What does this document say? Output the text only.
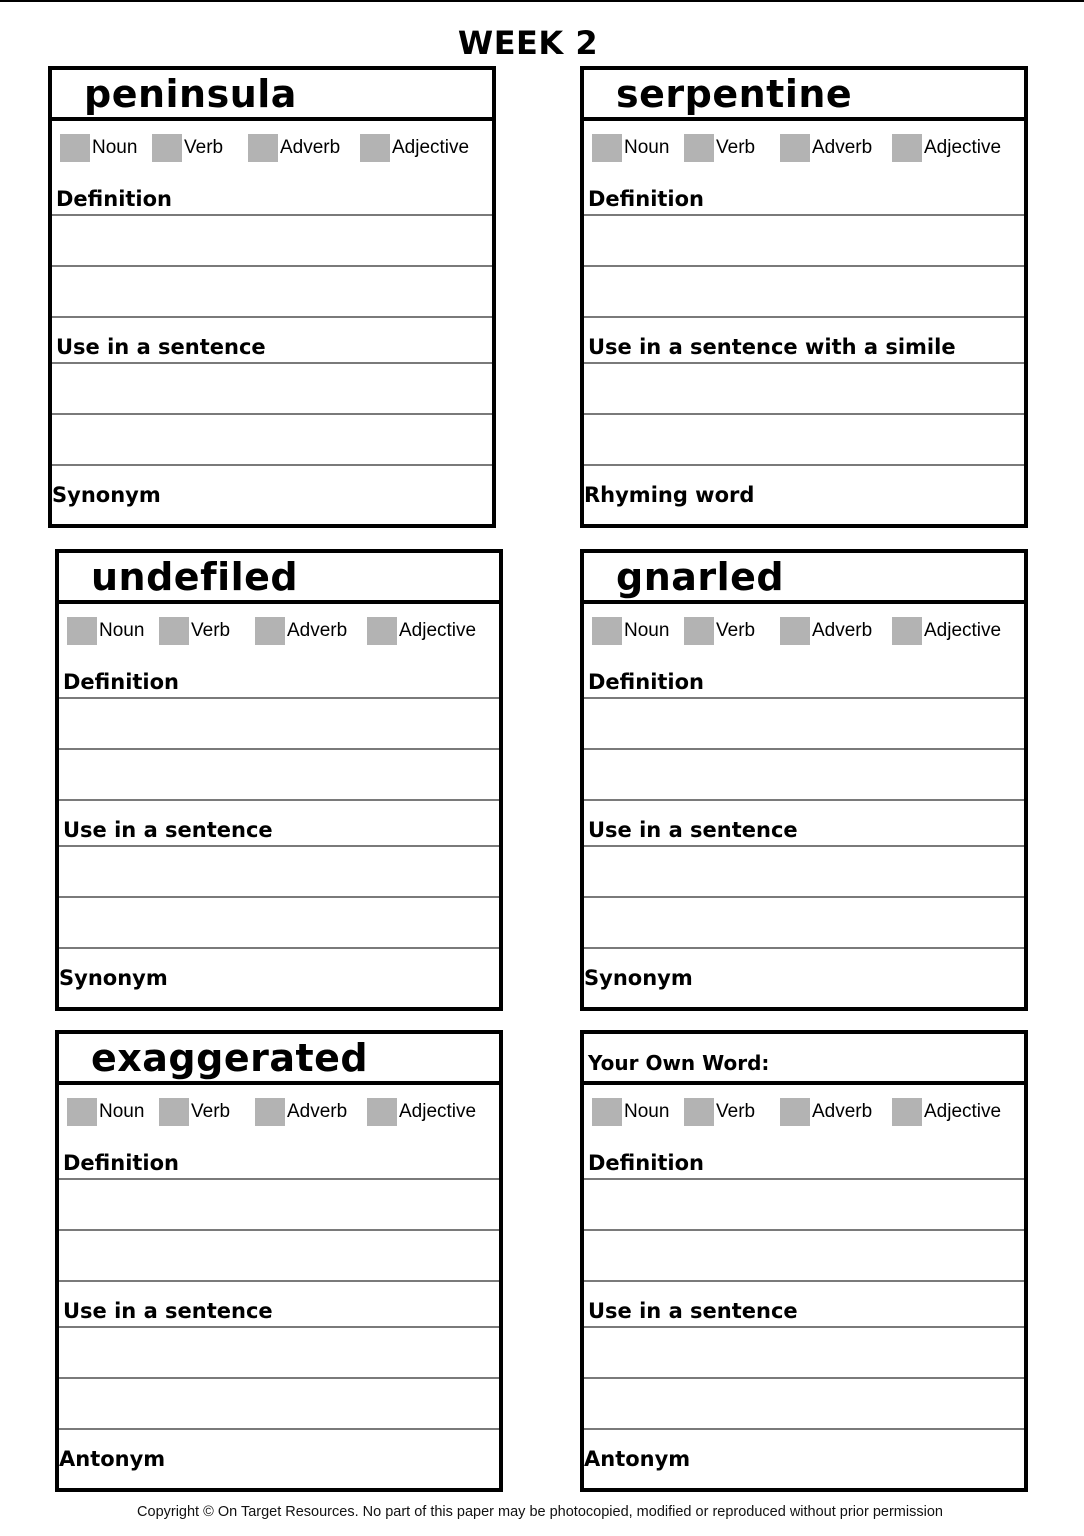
WEEK 2
peninsula
Noun Verb	Adverb	Adjective
Definition
Use in a sentence
Synonym
serpentine
Noun Verb	Adverb	Adjective
Definition
Use in a sentence with a simile
Rhyming word
undefiled
Noun Verb	Adverb	Adjective
Definition
Use in a sentence
Synonym
gnarled
Noun Verb	Adverb	Adjective
Definition
Use in a sentence
Synonym
exaggerated
Noun Verb	Adverb	Adjective
Definition
Use in a sentence
Antonym
Your Own Word:
Noun Verb	Adverb	Adjective
Definition
Use in a sentence
Antonym
Copyright © On Target Resources. No part of this paper may be photocopied, modified or reproduced without prior permission
